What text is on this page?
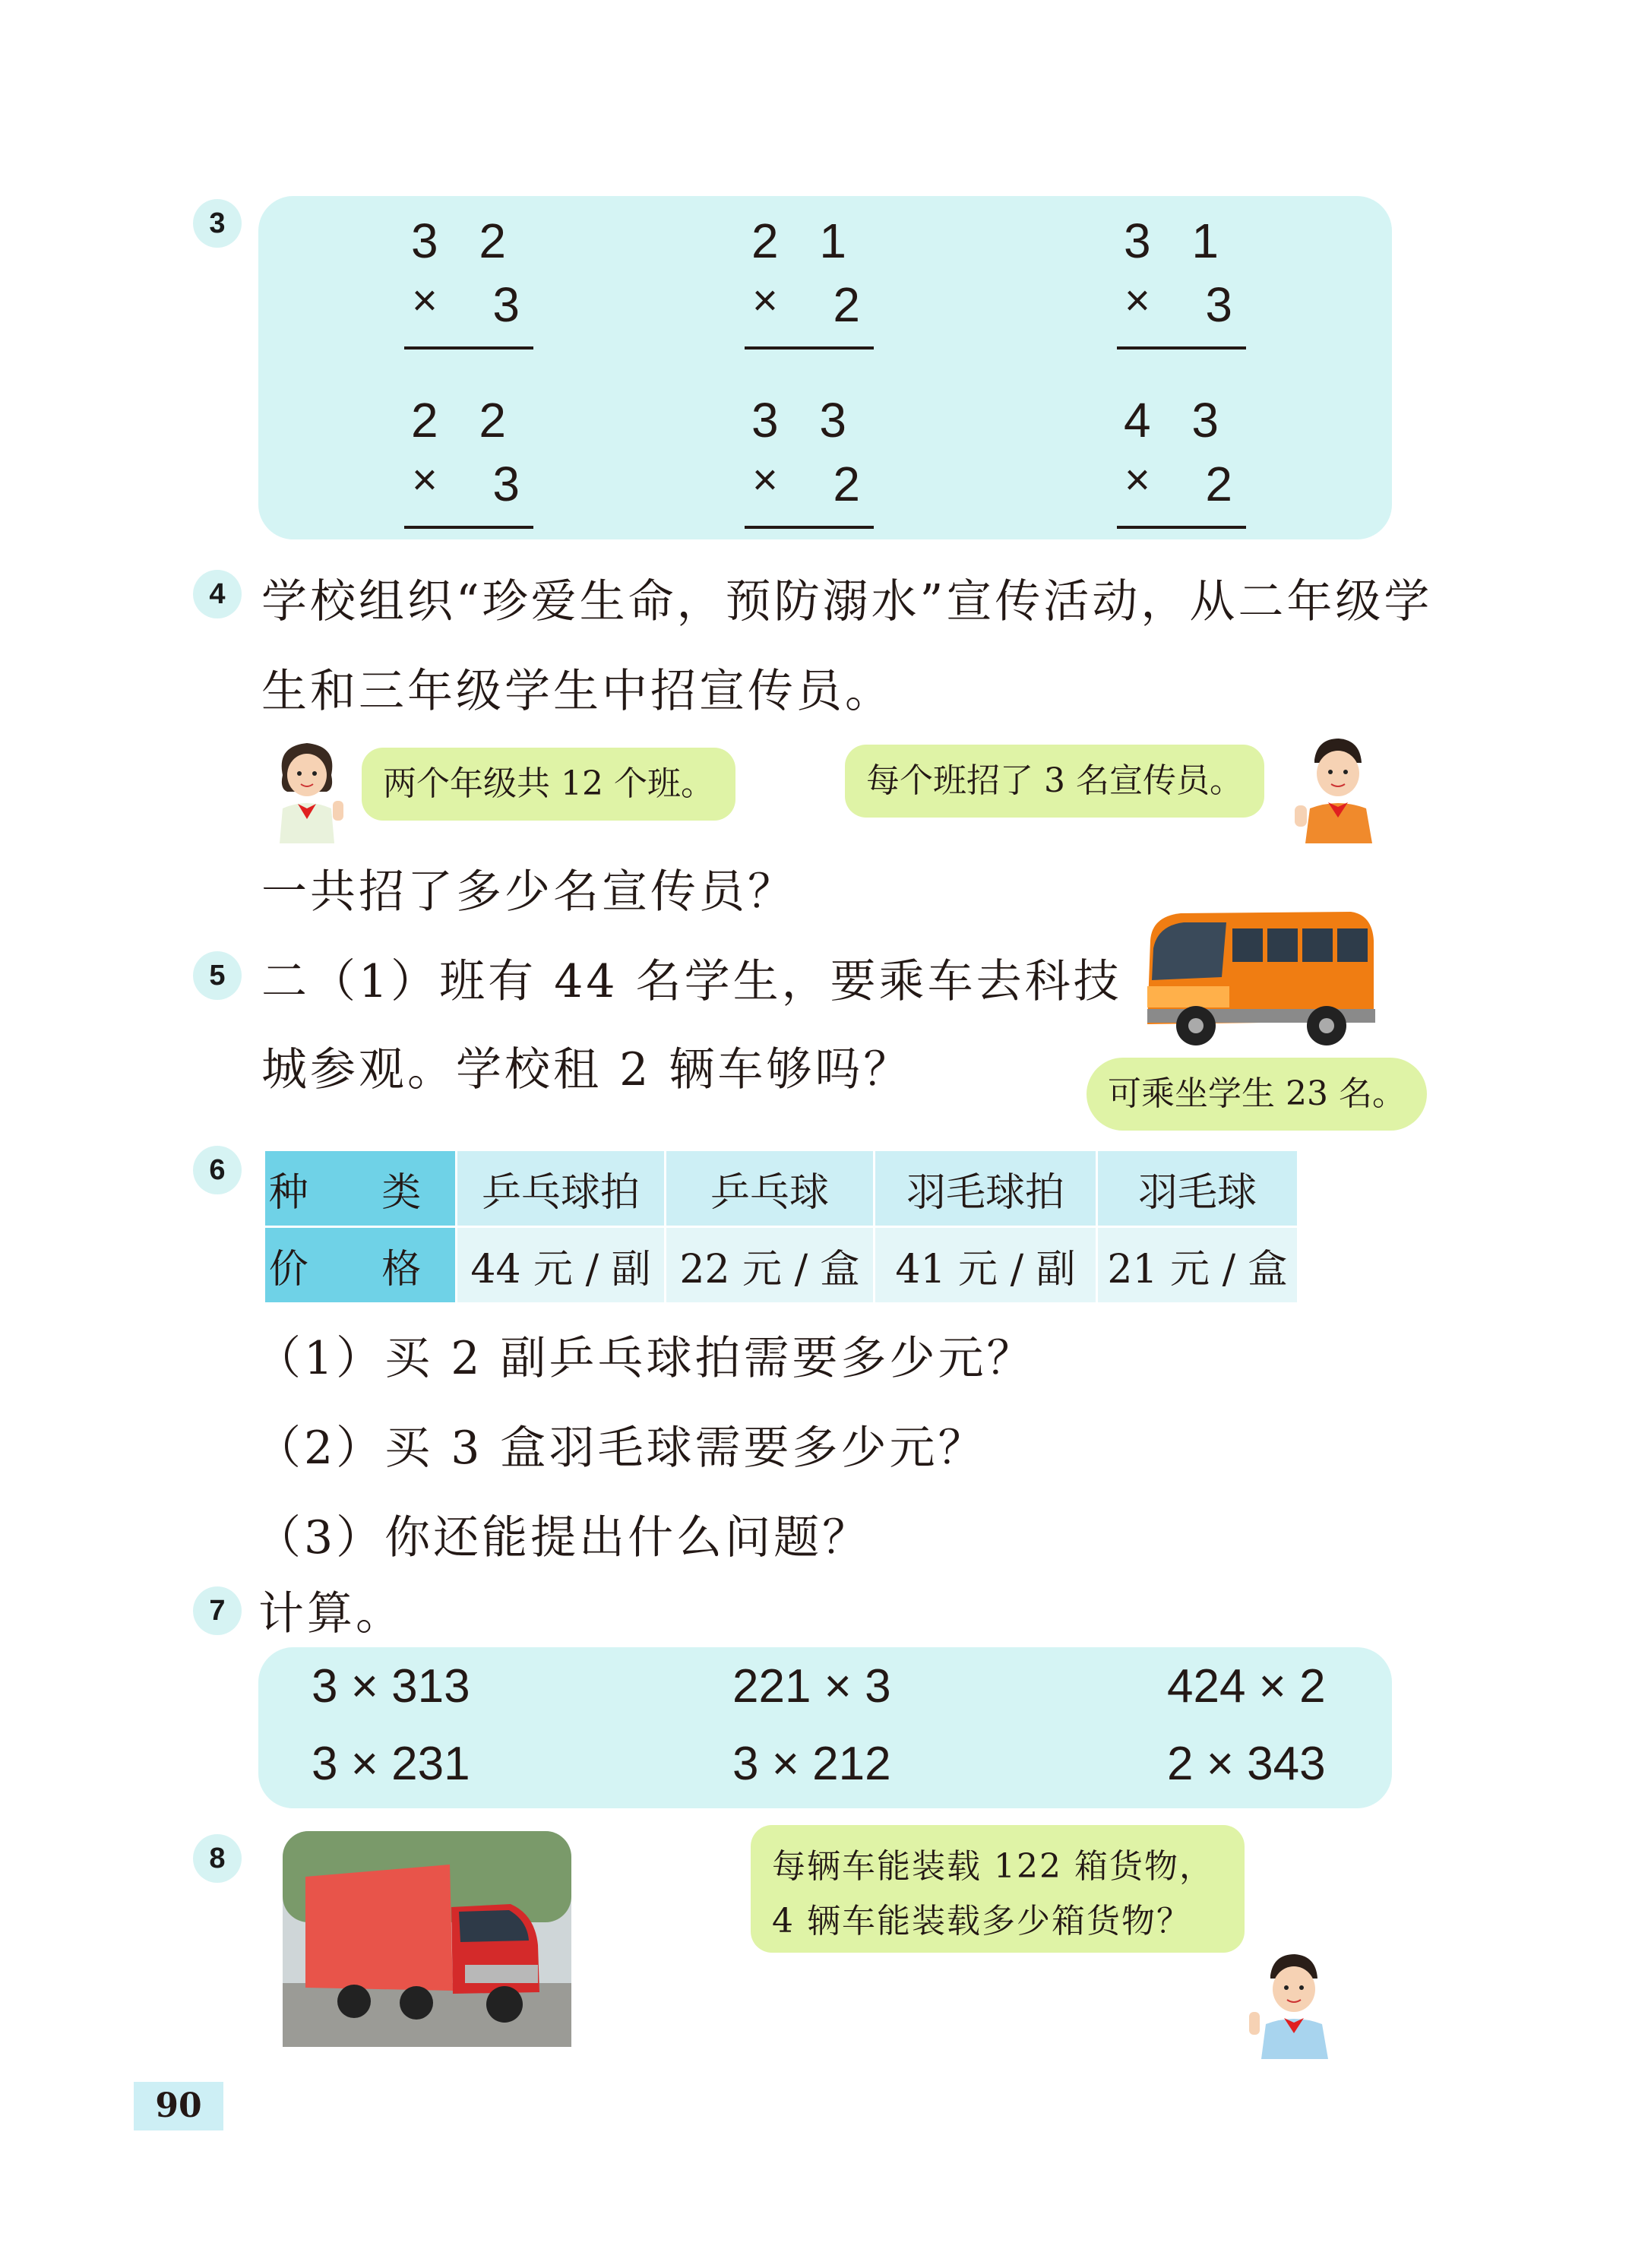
3	3 2
× 3
2 1
× 2
3 1
× 3
2 2
× 3
3 3
× 2
4 3
× 2
4 学校组织“珍爱生命，预防溺水”宣传活动，从二年级学
生和三年级学生中招宣传员。
两个年级共 12 个班。	每个班招了 3 名宣传员。
一共招了多少名宣传员？
5 二（1）班有 44 名学生，要乘车去科技
城参观。学校租 2 辆车够吗？	可乘坐学生 23 名。
6	种 类	乒乓球拍	乒乓球	羽毛球拍	羽毛球
价 格	44 元 / 副	22 元 / 盒	41 元 / 副	21 元 / 盒
（1）买 2 副乒乓球拍需要多少元？
（2）买 3 盒羽毛球需要多少元？
（3）你还能提出什么问题？
7 计算。
3 × 313	221 × 3	424 × 2
3 × 231	3 × 212	2 × 343
8	每辆车能装载 122 箱货物，
4 辆车能装载多少箱货物？
90
